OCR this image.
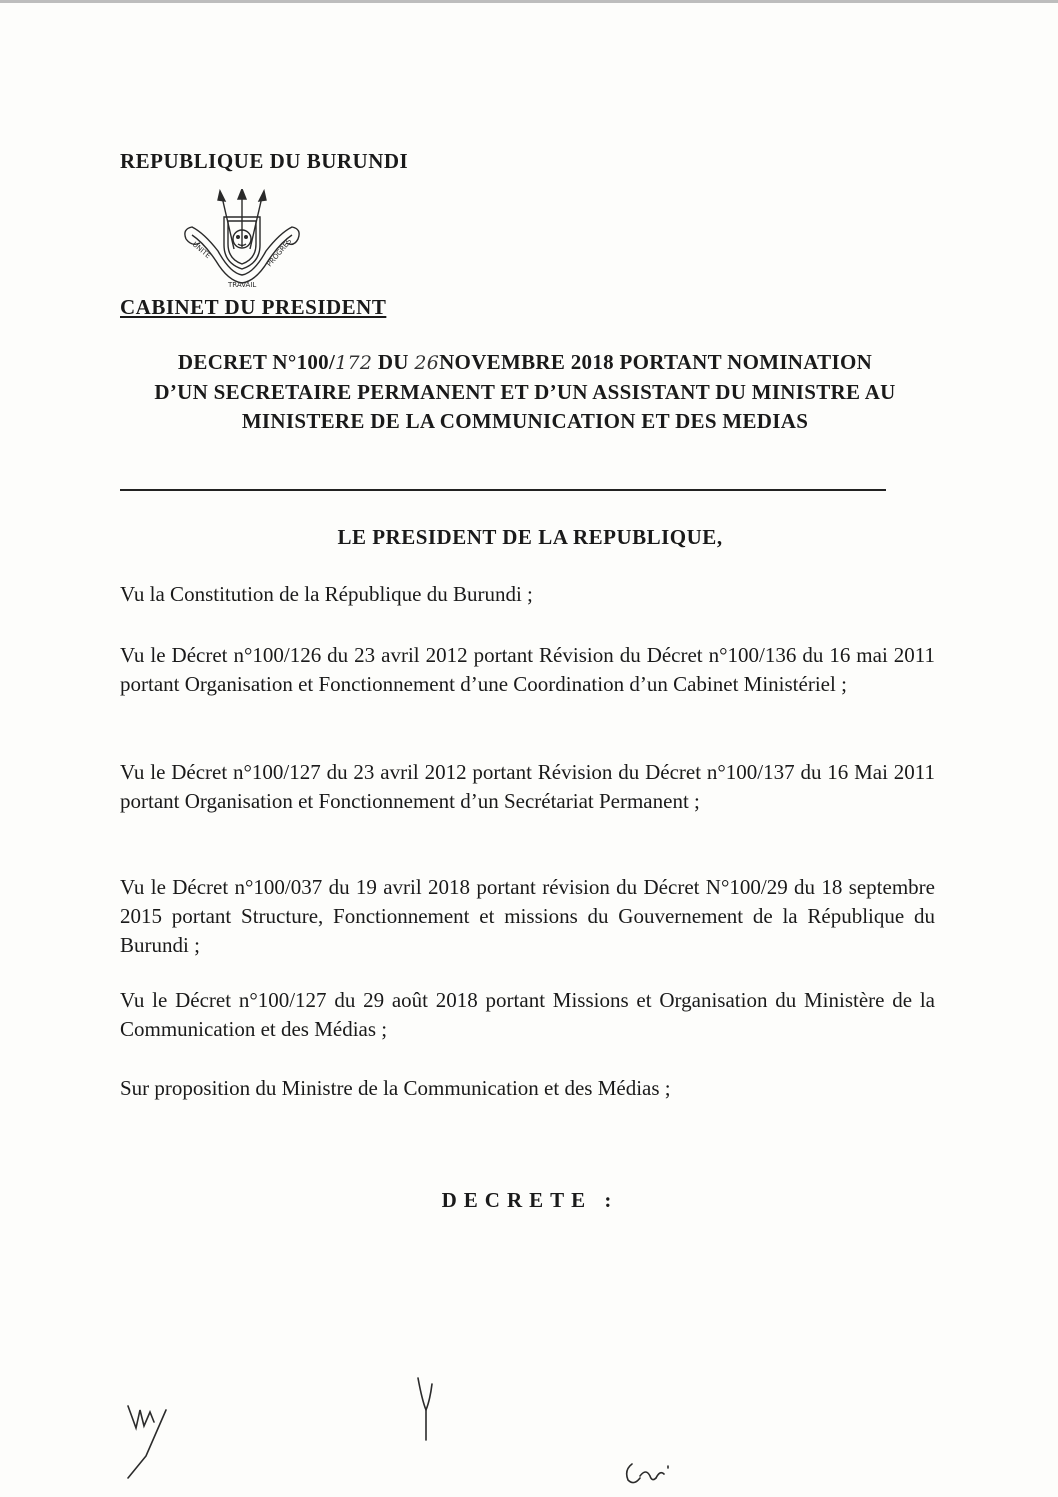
REPUBLIQUE DU BURUNDI
UNITE
TRAVAIL
PROGRES
CABINET DU PRESIDENT
DECRET N°100/172 DU 26NOVEMBRE 2018 PORTANT NOMINATION D’UN SECRETAIRE PERMANENT ET D’UN ASSISTANT DU MINISTRE AU MINISTERE DE LA COMMUNICATION ET DES MEDIAS
LE PRESIDENT DE LA REPUBLIQUE,
Vu la Constitution de la République du Burundi ;
Vu le Décret n°100/126 du 23 avril 2012 portant Révision du Décret n°100/136 du 16 mai 2011 portant Organisation et Fonctionnement d’une Coordination d’un Cabinet Ministériel ;
Vu le Décret n°100/127 du 23 avril 2012 portant Révision du Décret n°100/137 du 16 Mai 2011 portant Organisation et Fonctionnement d’un Secrétariat Permanent ;
Vu le Décret n°100/037 du 19 avril 2018 portant révision du Décret N°100/29 du 18 septembre 2015 portant Structure, Fonctionnement et missions du Gouvernement de la République du Burundi ;
Vu le Décret n°100/127 du 29 août 2018 portant Missions et Organisation du Ministère de la Communication et des Médias ;
Sur proposition du Ministre de la Communication et des Médias ;
DECRETE :
